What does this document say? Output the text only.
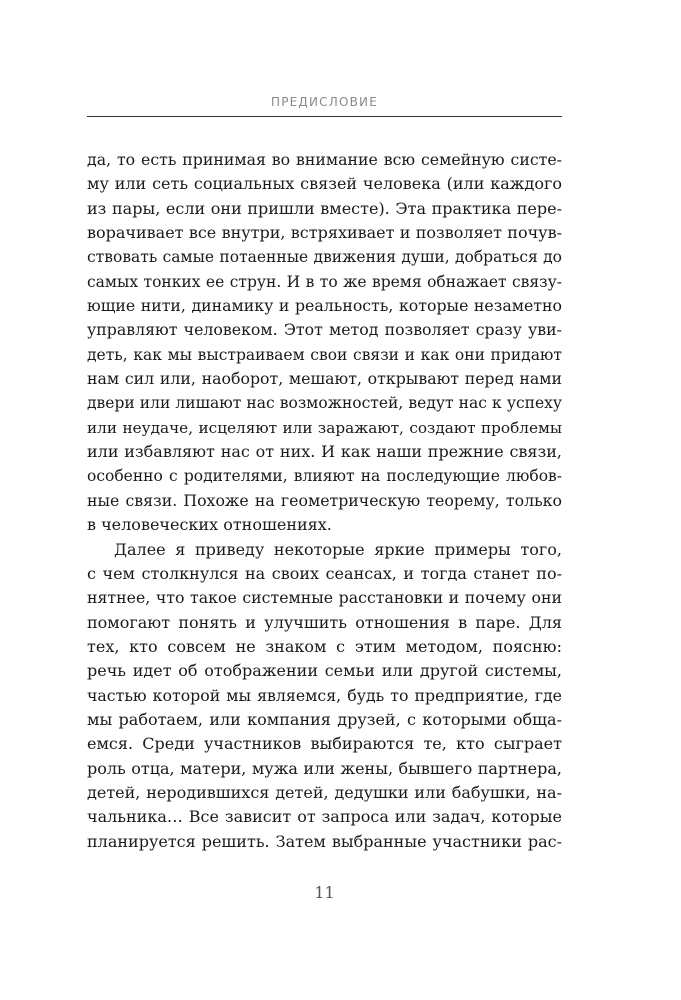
ПРЕДИСЛОВИЕ
да, то есть принимая во внимание всю семейную систе-
му или сеть социальных связей человека (или каждого
из пары, если они пришли вместе). Эта практика пере-
ворачивает все внутри, встряхивает и позволяет почув-
ствовать самые потаенные движения души, добраться до
самых тонких ее струн. И в то же время обнажает связу-
ющие нити, динамику и реальность, которые незаметно
управляют человеком. Этот метод позволяет сразу уви-
деть, как мы выстраиваем свои связи и как они придают
нам сил или, наоборот, мешают, открывают перед нами
двери или лишают нас возможностей, ведут нас к успеху
или неудаче, исцеляют или заражают, создают проблемы
или избавляют нас от них. И как наши прежние связи,
особенно с родителями, влияют на последующие любов-
ные связи. Похоже на геометрическую теорему, только
в человеческих отношениях.
Далее я приведу некоторые яркие примеры того,
с чем столкнулся на своих сеансах, и тогда станет по-
нятнее, что такое системные расстановки и почему они
помогают понять и улучшить отношения в паре. Для
тех, кто совсем не знаком с этим методом, поясню:
речь идет об отображении семьи или другой системы,
частью которой мы являемся, будь то предприятие, где
мы работаем, или компания друзей, с которыми обща-
емся. Среди участников выбираются те, кто сыграет
роль отца, матери, мужа или жены, бывшего партнера,
детей, неродившихся детей, дедушки или бабушки, на-
чальника… Все зависит от запроса или задач, которые
планируется решить. Затем выбранные участники рас-
11
